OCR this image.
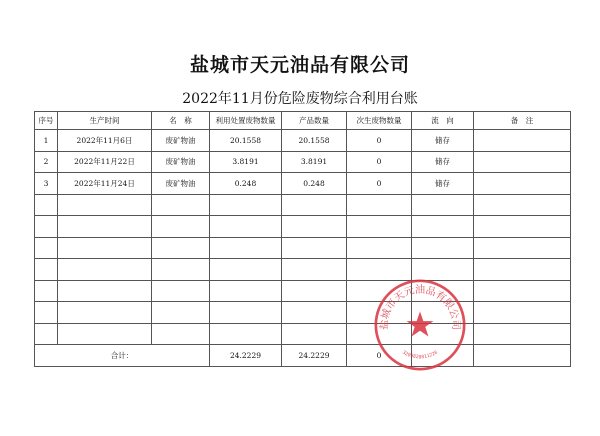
盐城市天元油品有限公司
2022年11月份危险废物综合利用台账
序号	生产时间	名　称	利用处置废物数量	产品数量	次生废物数量	流　向	备　注
1	2022年11月6日	废矿物油	20.1558	20.1558	0	储存	
2	2022年11月22日	废矿物油	3.8191	3.8191	0	储存	
3	2022年11月24日	废矿物油	0.248	0.248	0	储存	

合计：			24.2229	24.2229	0		
盐城市天元油品有限公司
3209820011226
